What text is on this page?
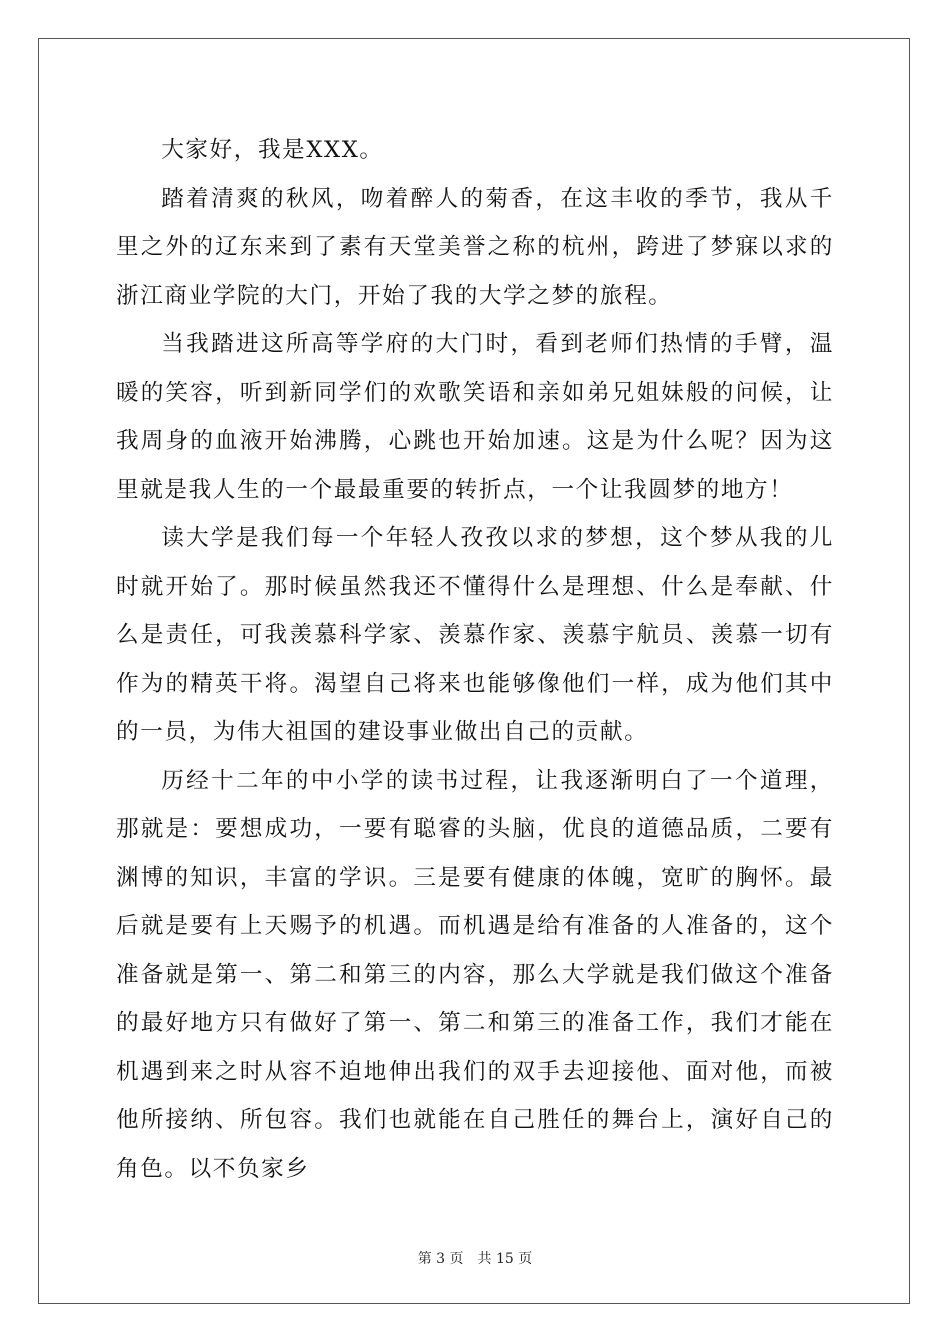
大家好，我是XXX。

踏着清爽的秋风，吻着醉人的菊香，在这丰收的季节，我从千里之外的辽东来到了素有天堂美誉之称的杭州，跨进了梦寐以求的浙江商业学院的大门，开始了我的大学之梦的旅程。

当我踏进这所高等学府的大门时，看到老师们热情的手臂，温暖的笑容，听到新同学们的欢歌笑语和亲如弟兄姐妹般的问候，让我周身的血液开始沸腾，心跳也开始加速。这是为什么呢？因为这里就是我人生的一个最最重要的转折点，一个让我圆梦的地方！

读大学是我们每一个年轻人孜孜以求的梦想，这个梦从我的儿时就开始了。那时候虽然我还不懂得什么是理想、什么是奉献、什么是责任，可我羡慕科学家、羡慕作家、羡慕宇航员、羡慕一切有作为的精英干将。渴望自己将来也能够像他们一样，成为他们其中的一员，为伟大祖国的建设事业做出自己的贡献。

历经十二年的中小学的读书过程，让我逐渐明白了一个道理，那就是：要想成功，一要有聪睿的头脑，优良的道德品质，二要有渊博的知识，丰富的学识。三是要有健康的体魄，宽旷的胸怀。最后就是要有上天赐予的机遇。而机遇是给有准备的人准备的，这个准备就是第一、第二和第三的内容，那么大学就是我们做这个准备的最好地方只有做好了第一、第二和第三的准备工作，我们才能在机遇到来之时从容不迫地伸出我们的双手去迎接他、面对他，而被他所接纳、所包容。我们也就能在自己胜任的舞台上，演好自己的角色。以不负家乡

第 3 页 共 15 页
